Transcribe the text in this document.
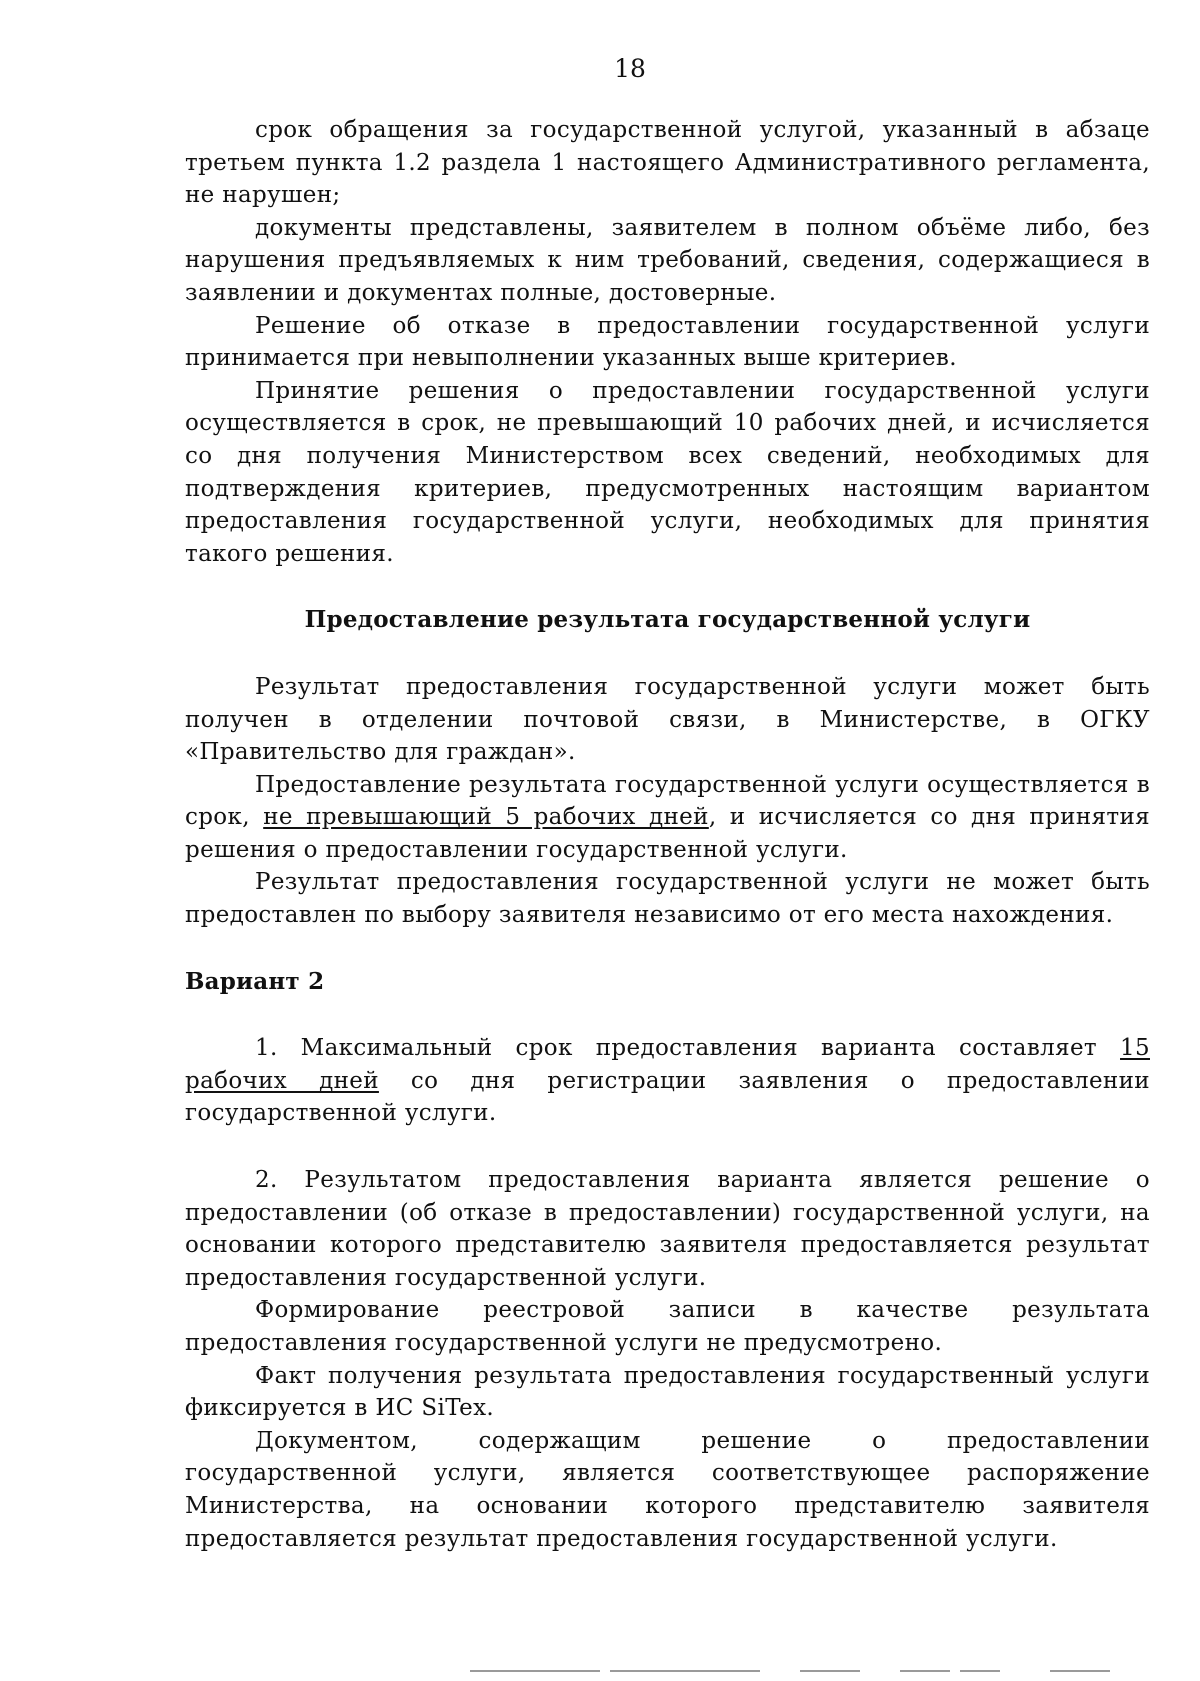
18

срок обращения за государственной услугой, указанный в абзаце третьем пункта 1.2 раздела 1 настоящего Административного регламента, не нарушен;

документы представлены, заявителем в полном объёме либо, без нарушения предъявляемых к ним требований, сведения, содержащиеся в заявлении и документах полные, достоверные.

Решение об отказе в предоставлении государственной услуги принимается при невыполнении указанных выше критериев.

Принятие решения о предоставлении государственной услуги осуществляется в срок, не превышающий 10 рабочих дней, и исчисляется со дня получения Министерством всех сведений, необходимых для подтверждения критериев, предусмотренных настоящим вариантом предоставления государственной услуги, необходимых для принятия такого решения.

Предоставление результата государственной услуги

Результат предоставления государственной услуги может быть получен в отделении почтовой связи, в Министерстве, в ОГКУ «Правительство для граждан».

Предоставление результата государственной услуги осуществляется в срок, не превышающий 5 рабочих дней, и исчисляется со дня принятия решения о предоставлении государственной услуги.

Результат предоставления государственной услуги не может быть предоставлен по выбору заявителя независимо от его места нахождения.

Вариант 2

1. Максимальный срок предоставления варианта составляет 15 рабочих дней со дня регистрации заявления о предоставлении государственной услуги.

2. Результатом предоставления варианта является решение о предоставлении (об отказе в предоставлении) государственной услуги, на основании которого представителю заявителя предоставляется результат предоставления государственной услуги.

Формирование реестровой записи в качестве результата предоставления государственной услуги не предусмотрено.

Факт получения результата предоставления государственный услуги фиксируется в ИС SiTex.

Документом, содержащим решение о предоставлении государственной услуги, является соответствующее распоряжение Министерства, на основании которого представителю заявителя предоставляется результат предоставления государственной услуги.
